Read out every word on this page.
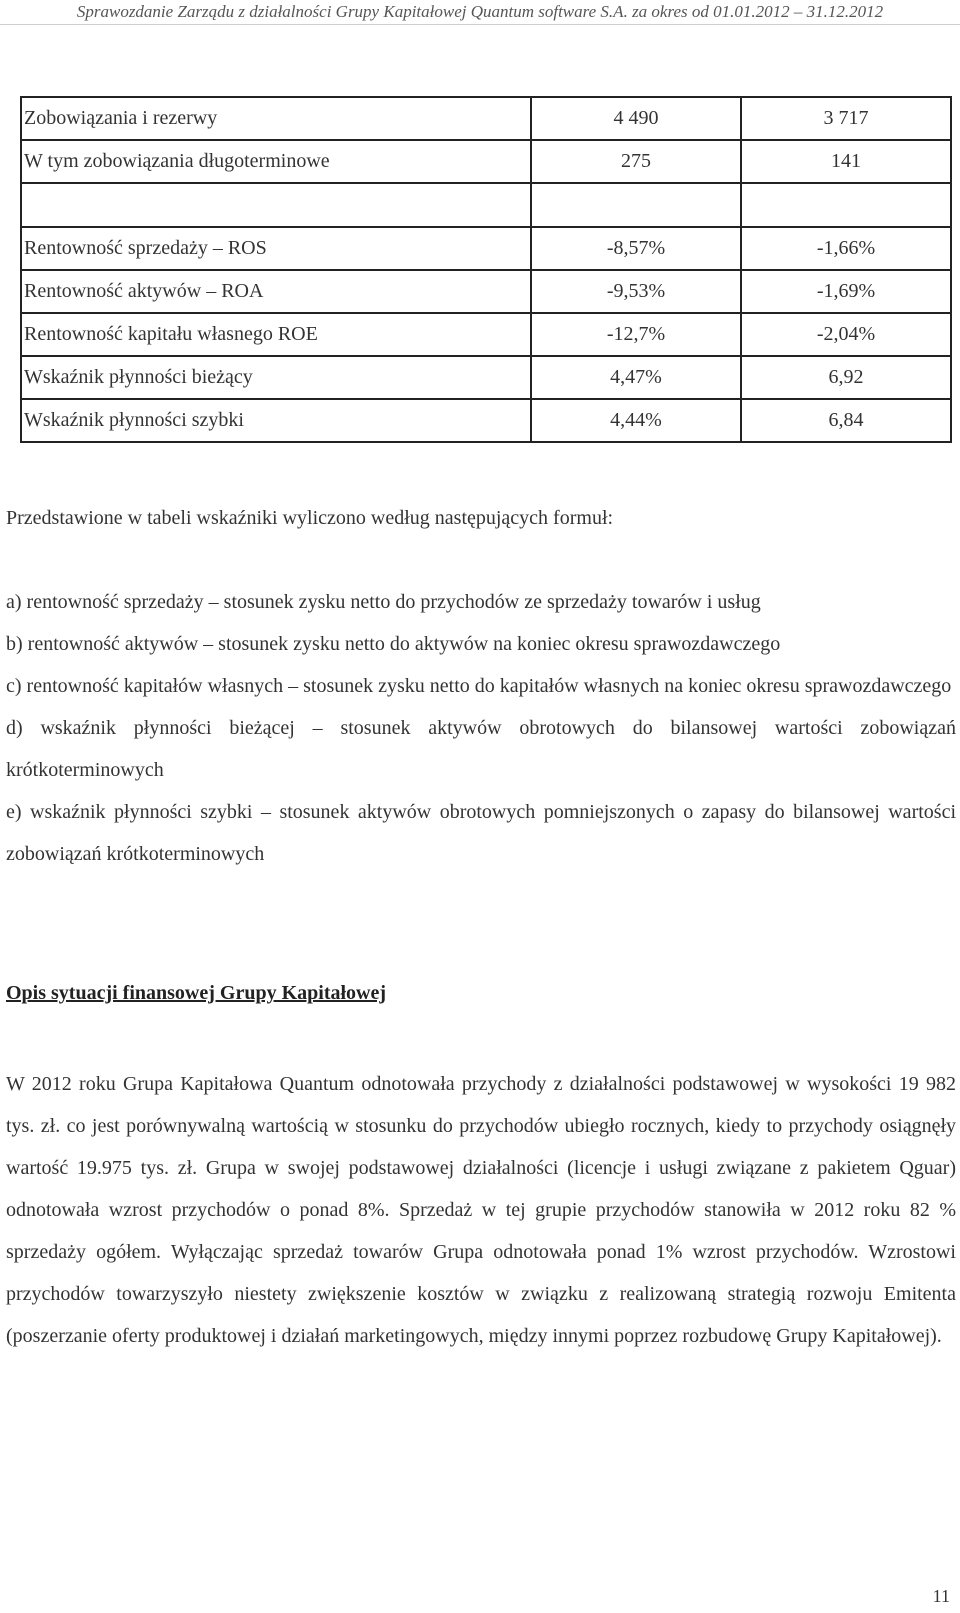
Sprawozdanie Zarządu z działalności Grupy Kapitałowej Quantum software S.A. za okres od 01.01.2012 – 31.12.2012
Zobowiązania i rezerwy	4 490	3 717
W tym zobowiązania długoterminowe	275	141

Rentowność sprzedaży – ROS	-8,57%	-1,66%
Rentowność aktywów – ROA	-9,53%	-1,69%
Rentowność kapitału własnego ROE	-12,7%	-2,04%
Wskaźnik płynności bieżący	4,47%	6,92
Wskaźnik płynności szybki	4,44%	6,84

Przedstawione w tabeli wskaźniki wyliczono według następujących formuł:

a) rentowność sprzedaży – stosunek zysku netto do przychodów ze sprzedaży towarów i usług

b) rentowność aktywów – stosunek zysku netto do aktywów na koniec okresu sprawozdawczego

c) rentowność kapitałów własnych – stosunek zysku netto do kapitałów własnych na koniec okresu sprawozdawczego

d) wskaźnik płynności bieżącej – stosunek aktywów obrotowych do bilansowej wartości zobowiązań krótkoterminowych

e) wskaźnik płynności szybki – stosunek aktywów obrotowych pomniejszonych o zapasy do bilansowej wartości zobowiązań krótkoterminowych

Opis sytuacji finansowej Grupy Kapitałowej

W 2012 roku Grupa Kapitałowa Quantum odnotowała przychody z działalności podstawowej w wysokości 19 982 tys. zł. co jest porównywalną wartością w stosunku do przychodów ubiegło rocznych, kiedy to przychody osiągnęły wartość 19.975 tys. zł. Grupa w swojej podstawowej działalności (licencje i usługi związane z pakietem Qguar) odnotowała wzrost przychodów o ponad 8%. Sprzedaż w tej grupie przychodów stanowiła w 2012 roku 82 % sprzedaży ogółem. Wyłączając sprzedaż towarów Grupa odnotowała ponad 1% wzrost przychodów. Wzrostowi przychodów towarzyszyło niestety zwiększenie kosztów w związku z realizowaną strategią rozwoju Emitenta (poszerzanie oferty produktowej i działań marketingowych, między innymi poprzez rozbudowę Grupy Kapitałowej).

11
